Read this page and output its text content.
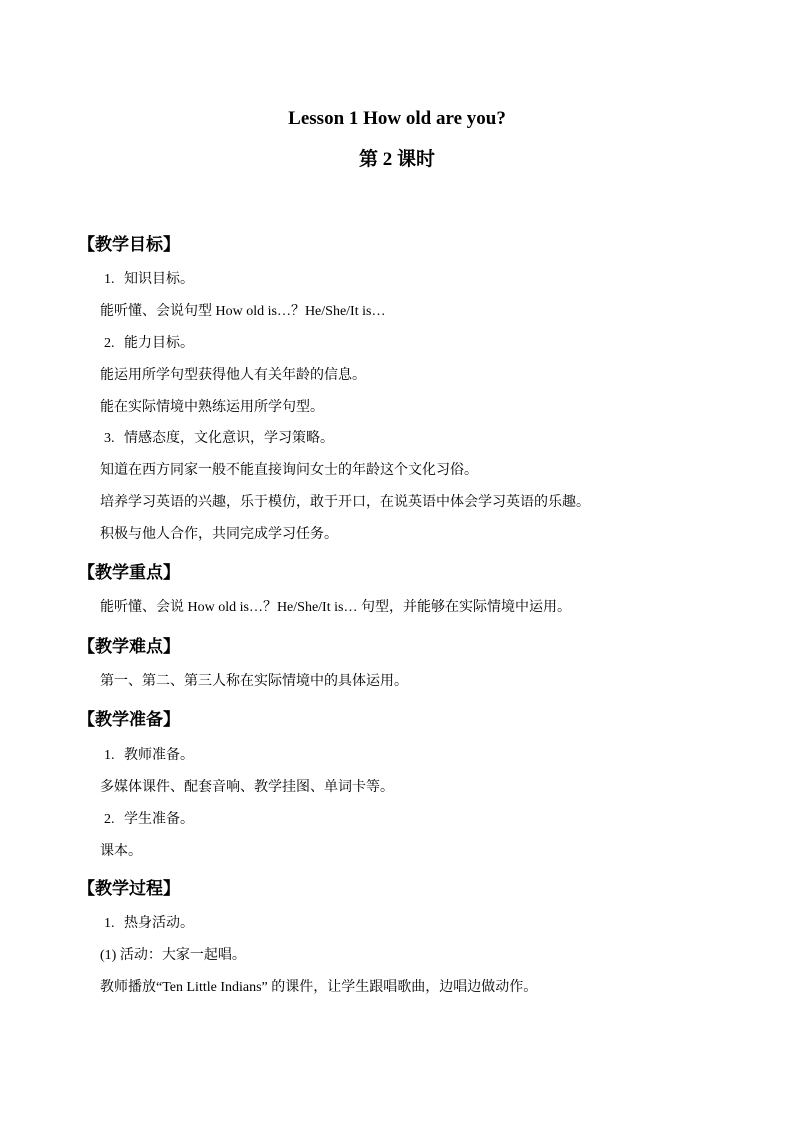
Lesson 1 How old are you?
第 2 课时
【教学目标】
1. 知识目标。
能听懂、会说句型 How old is…？He/She/It is…
2. 能力目标。
能运用所学句型获得他人有关年龄的信息。
能在实际情境中熟练运用所学句型。
3. 情感态度，文化意识，学习策略。
知道在西方同家一般不能直接询问女士的年龄这个文化习俗。
培养学习英语的兴趣，乐于模仿，敢于开口，在说英语中体会学习英语的乐趣。
积极与他人合作，共同完成学习任务。
【教学重点】
能听懂、会说 How old is…？He/She/It is… 句型，并能够在实际情境中运用。
【教学难点】
第一、第二、第三人称在实际情境中的具体运用。
【教学准备】
1. 教师准备。
多媒体课件、配套音响、教学挂图、单词卡等。
2. 学生准备。
课本。
【教学过程】
1. 热身活动。
(1) 活动：大家一起唱。
教师播放“Ten Little Indians” 的课件，让学生跟唱歌曲，边唱边做动作。
